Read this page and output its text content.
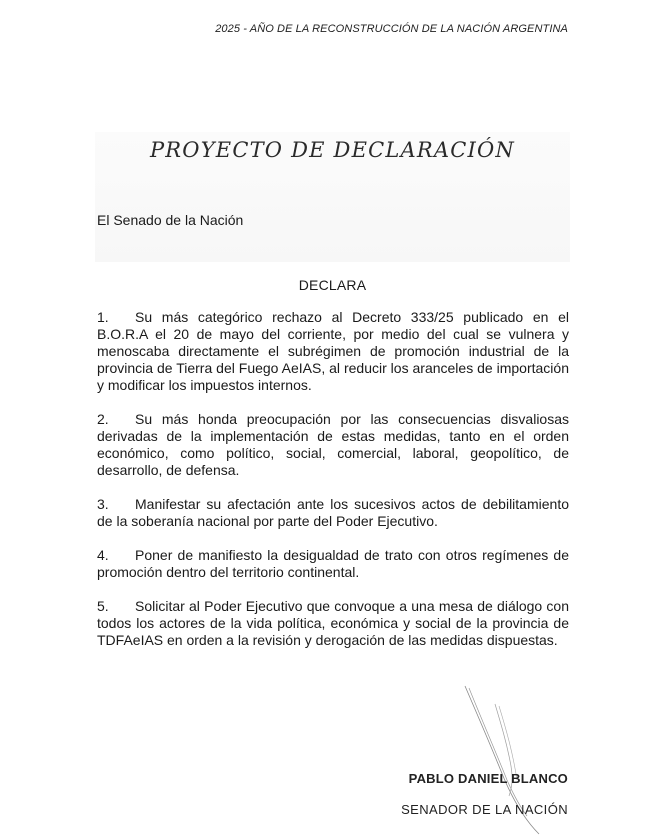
2025 - AÑO DE LA RECONSTRUCCIÓN DE LA NACIÓN ARGENTINA
PROYECTO DE DECLARACIÓN
El Senado de la Nación
DECLARA
1. Su más categórico rechazo al Decreto 333/25 publicado en el B.O.R.A el 20 de mayo del corriente, por medio del cual se vulnera y menoscaba directamente el subrégimen de promoción industrial de la provincia de Tierra del Fuego AeIAS, al reducir los aranceles de importación y modificar los impuestos internos.
2. Su más honda preocupación por las consecuencias disvaliosas derivadas de la implementación de estas medidas, tanto en el orden económico, como político, social, comercial, laboral, geopolítico, de desarrollo, de defensa.
3. Manifestar su afectación ante los sucesivos actos de debilitamiento de la soberanía nacional por parte del Poder Ejecutivo.
4. Poner de manifiesto la desigualdad de trato con otros regímenes de promoción dentro del territorio continental.
5. Solicitar al Poder Ejecutivo que convoque a una mesa de diálogo con todos los actores de la vida política, económica y social de la provincia de TDFAeIAS en orden a la revisión y derogación de las medidas dispuestas.
PABLO DANIEL BLANCO
SENADOR DE LA NACIÓN
